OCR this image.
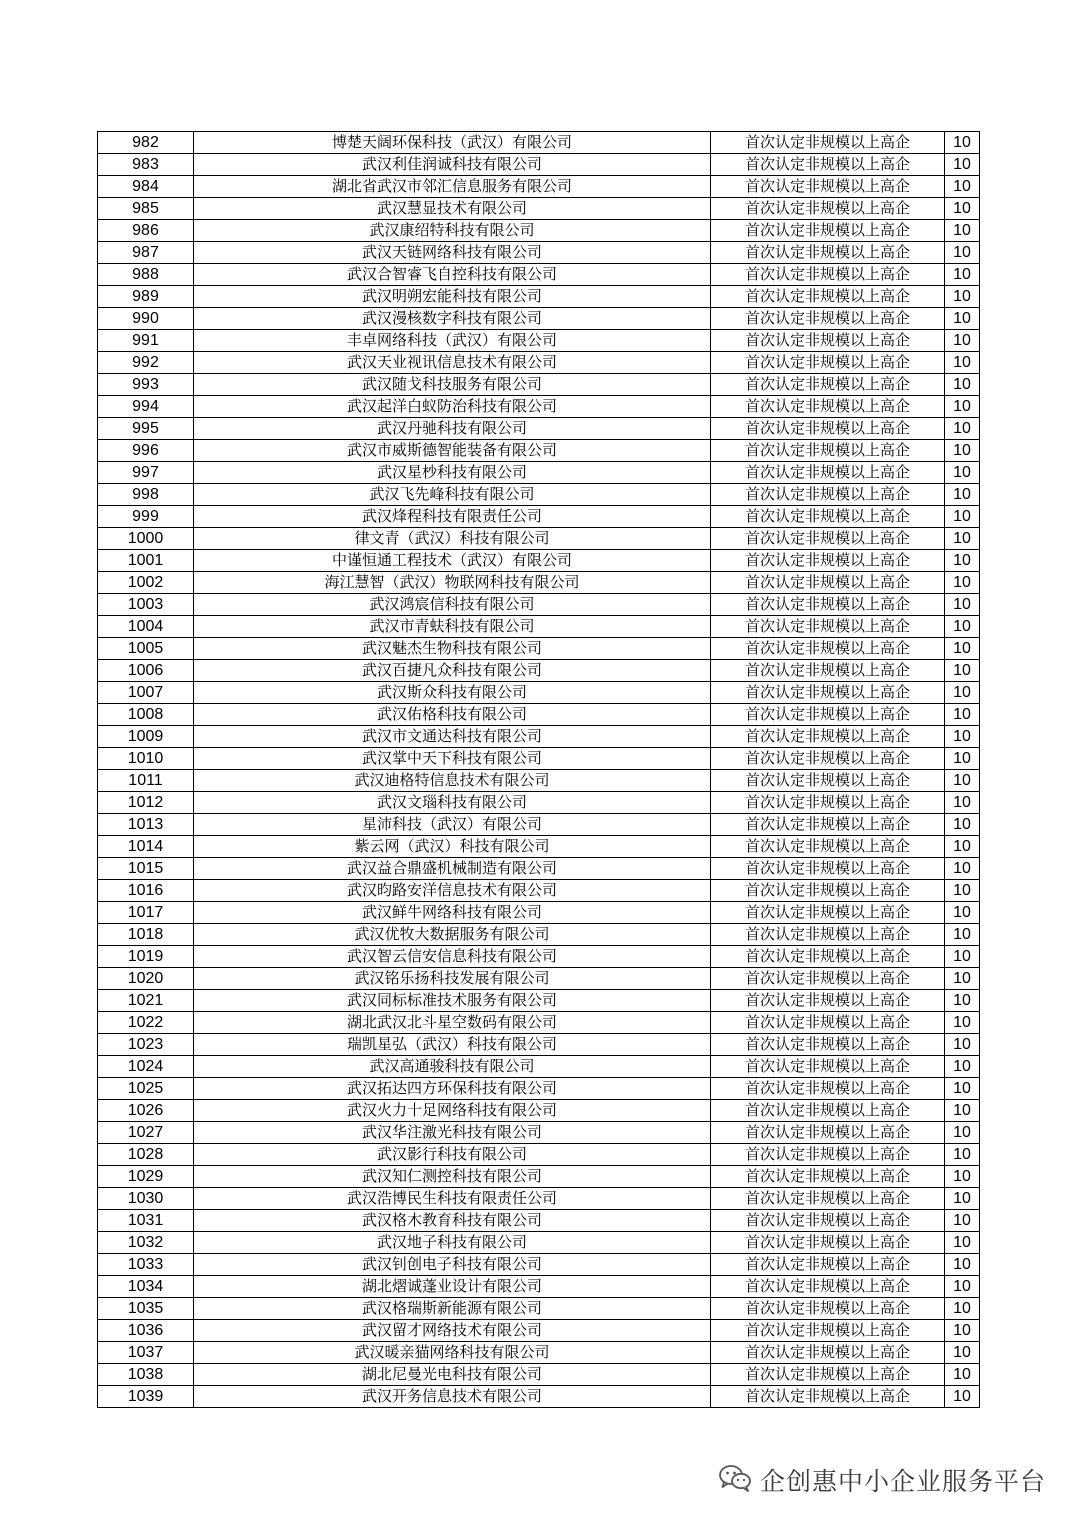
982	博楚天阔环保科技（武汉）有限公司	首次认定非规模以上高企	10
983	武汉利佳润诚科技有限公司	首次认定非规模以上高企	10
984	湖北省武汉市邻汇信息服务有限公司	首次认定非规模以上高企	10
985	武汉慧显技术有限公司	首次认定非规模以上高企	10
986	武汉康绍特科技有限公司	首次认定非规模以上高企	10
987	武汉天链网络科技有限公司	首次认定非规模以上高企	10
988	武汉合智睿飞自控科技有限公司	首次认定非规模以上高企	10
989	武汉明朔宏能科技有限公司	首次认定非规模以上高企	10
990	武汉漫核数字科技有限公司	首次认定非规模以上高企	10
991	丰卓网络科技（武汉）有限公司	首次认定非规模以上高企	10
992	武汉天业视讯信息技术有限公司	首次认定非规模以上高企	10
993	武汉随戈科技服务有限公司	首次认定非规模以上高企	10
994	武汉起洋白蚁防治科技有限公司	首次认定非规模以上高企	10
995	武汉丹驰科技有限公司	首次认定非规模以上高企	10
996	武汉市威斯德智能装备有限公司	首次认定非规模以上高企	10
997	武汉星杪科技有限公司	首次认定非规模以上高企	10
998	武汉飞先峰科技有限公司	首次认定非规模以上高企	10
999	武汉烽程科技有限责任公司	首次认定非规模以上高企	10
1000	律文青（武汉）科技有限公司	首次认定非规模以上高企	10
1001	中谨恒通工程技术（武汉）有限公司	首次认定非规模以上高企	10
1002	海江慧智（武汉）物联网科技有限公司	首次认定非规模以上高企	10
1003	武汉鸿宸信科技有限公司	首次认定非规模以上高企	10
1004	武汉市青蚨科技有限公司	首次认定非规模以上高企	10
1005	武汉魅杰生物科技有限公司	首次认定非规模以上高企	10
1006	武汉百捷凡众科技有限公司	首次认定非规模以上高企	10
1007	武汉斯众科技有限公司	首次认定非规模以上高企	10
1008	武汉佑格科技有限公司	首次认定非规模以上高企	10
1009	武汉市文通达科技有限公司	首次认定非规模以上高企	10
1010	武汉掌中天下科技有限公司	首次认定非规模以上高企	10
1011	武汉迪格特信息技术有限公司	首次认定非规模以上高企	10
1012	武汉文瑙科技有限公司	首次认定非规模以上高企	10
1013	星沛科技（武汉）有限公司	首次认定非规模以上高企	10
1014	紫云网（武汉）科技有限公司	首次认定非规模以上高企	10
1015	武汉益合鼎盛机械制造有限公司	首次认定非规模以上高企	10
1016	武汉昀路安洋信息技术有限公司	首次认定非规模以上高企	10
1017	武汉鲜牛网络科技有限公司	首次认定非规模以上高企	10
1018	武汉优牧大数据服务有限公司	首次认定非规模以上高企	10
1019	武汉智云信安信息科技有限公司	首次认定非规模以上高企	10
1020	武汉铭乐扬科技发展有限公司	首次认定非规模以上高企	10
1021	武汉同标标准技术服务有限公司	首次认定非规模以上高企	10
1022	湖北武汉北斗星空数码有限公司	首次认定非规模以上高企	10
1023	瑞凯星弘（武汉）科技有限公司	首次认定非规模以上高企	10
1024	武汉高通骏科技有限公司	首次认定非规模以上高企	10
1025	武汉拓达四方环保科技有限公司	首次认定非规模以上高企	10
1026	武汉火力十足网络科技有限公司	首次认定非规模以上高企	10
1027	武汉华注激光科技有限公司	首次认定非规模以上高企	10
1028	武汉影行科技有限公司	首次认定非规模以上高企	10
1029	武汉知仁测控科技有限公司	首次认定非规模以上高企	10
1030	武汉浩博民生科技有限责任公司	首次认定非规模以上高企	10
1031	武汉格木教育科技有限公司	首次认定非规模以上高企	10
1032	武汉地子科技有限公司	首次认定非规模以上高企	10
1033	武汉钊创电子科技有限公司	首次认定非规模以上高企	10
1034	湖北熠诚蓬业设计有限公司	首次认定非规模以上高企	10
1035	武汉格瑞斯新能源有限公司	首次认定非规模以上高企	10
1036	武汉留才网络技术有限公司	首次认定非规模以上高企	10
1037	武汉暖亲猫网络科技有限公司	首次认定非规模以上高企	10
1038	湖北尼曼光电科技有限公司	首次认定非规模以上高企	10
1039	武汉开务信息技术有限公司	首次认定非规模以上高企	10
企创惠中小企业服务平台
